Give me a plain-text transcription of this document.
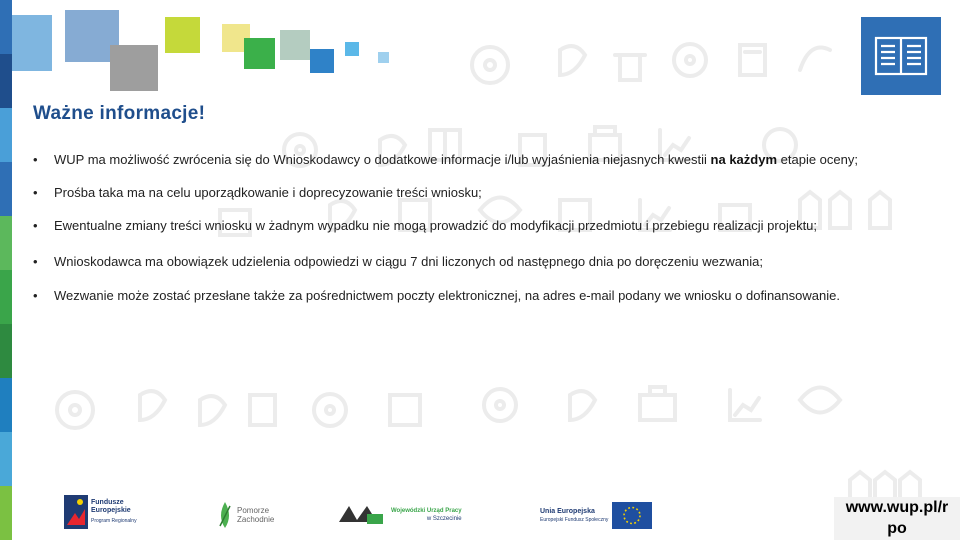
Ważne informacje!
• WUP ma możliwość zwrócenia się do Wnioskodawcy o dodatkowe informacje i/lub wyjaśnienia niejasnych kwestii na każdym etapie oceny;
• Prośba taka ma na celu uporządkowanie i doprecyzowanie treści wniosku;
• Ewentualne zmiany treści wniosku w żadnym wypadku nie mogą prowadzić do modyfikacji przedmiotu i przebiegu realizacji projektu;
• Wnioskodawca ma obowiązek udzielenia odpowiedzi w ciągu 7 dni liczonych od następnego dnia po doręczeniu wezwania;
• Wezwanie może zostać przesłane także za pośrednictwem poczty elektronicznej, na adres e-mail podany we wniosku o dofinansowanie.
Fundusze
Europejskie
Program Regionalny
Pomorze
Zachodnie
Wojewódzki Urząd Pracy
w Szczecinie
Unia Europejska
Europejski Fundusz Społeczny
www.wup.pl/r
po
